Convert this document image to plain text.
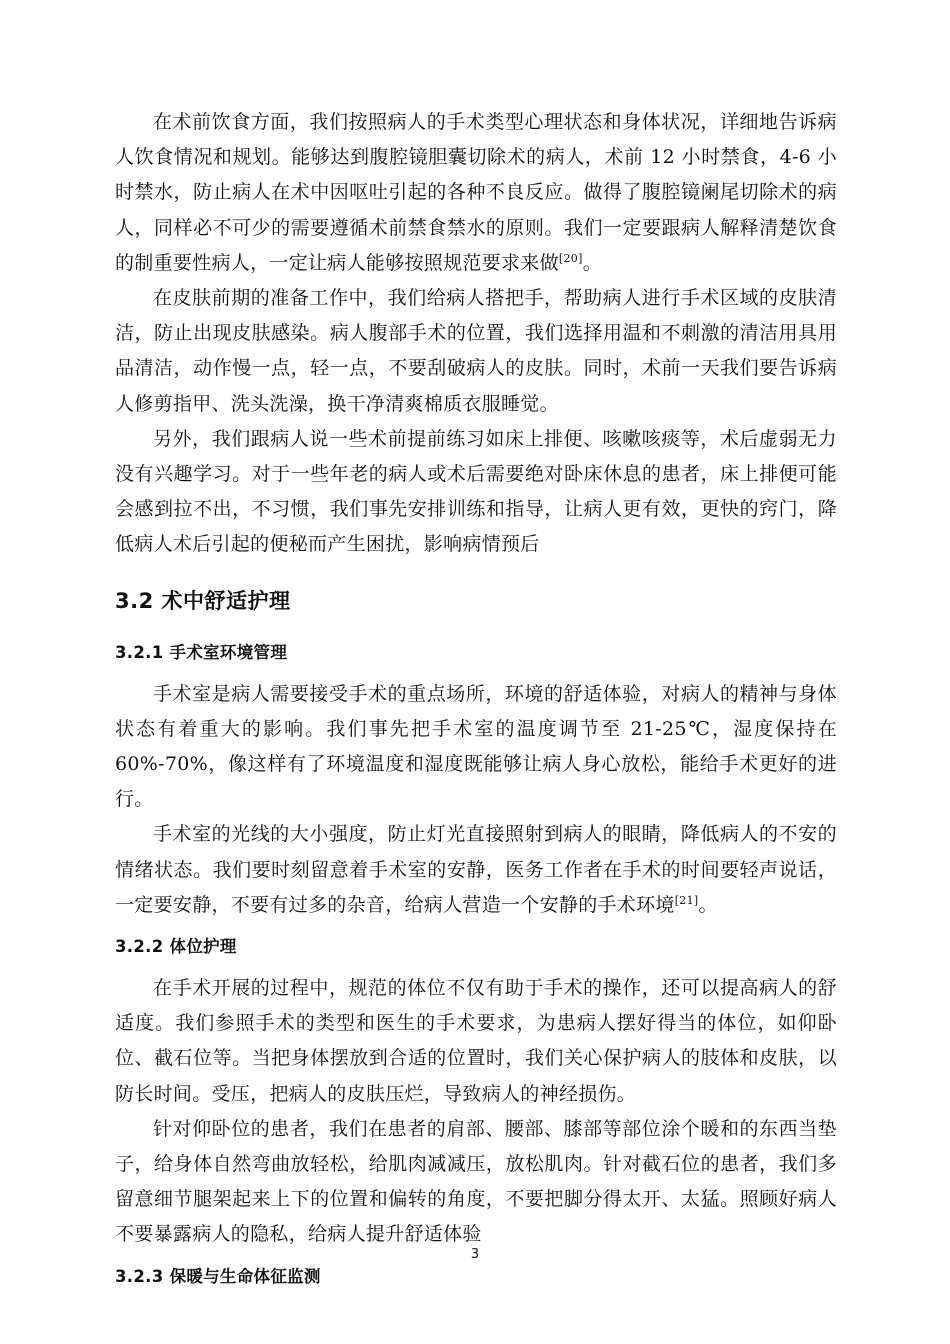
在术前饮食方面，我们按照病人的手术类型心理状态和身体状况，详细地告诉病人饮食情况和规划。能够达到腹腔镜胆囊切除术的病人，术前 12 小时禁食，4-6 小时禁水，防止病人在术中因呕吐引起的各种不良反应。做得了腹腔镜阑尾切除术的病人，同样必不可少的需要遵循术前禁食禁水的原则。我们一定要跟病人解释清楚饮食的制重要性病人，一定让病人能够按照规范要求来做[20]。

在皮肤前期的准备工作中，我们给病人搭把手，帮助病人进行手术区域的皮肤清洁，防止出现皮肤感染。病人腹部手术的位置，我们选择用温和不刺激的清洁用具用品清洁，动作慢一点，轻一点，不要刮破病人的皮肤。同时，术前一天我们要告诉病人修剪指甲、洗头洗澡，换干净清爽棉质衣服睡觉。

另外，我们跟病人说一些术前提前练习如床上排便、咳嗽咳痰等，术后虚弱无力没有兴趣学习。对于一些年老的病人或术后需要绝对卧床休息的患者，床上排便可能会感到拉不出，不习惯，我们事先安排训练和指导，让病人更有效，更快的窍门，降低病人术后引起的便秘而产生困扰，影响病情预后

3.2 术中舒适护理
3.2.1 手术室环境管理

手术室是病人需要接受手术的重点场所，环境的舒适体验，对病人的精神与身体状态有着重大的影响。我们事先把手术室的温度调节至 21-25℃，湿度保持在 60%-70%，像这样有了环境温度和湿度既能够让病人身心放松，能给手术更好的进行。

手术室的光线的大小强度，防止灯光直接照射到病人的眼睛，降低病人的不安的情绪状态。我们要时刻留意着手术室的安静，医务工作者在手术的时间要轻声说话，一定要安静，不要有过多的杂音，给病人营造一个安静的手术环境[21]。

3.2.2 体位护理

在手术开展的过程中，规范的体位不仅有助于手术的操作，还可以提高病人的舒适度。我们参照手术的类型和医生的手术要求，为患病人摆好得当的体位，如仰卧位、截石位等。当把身体摆放到合适的位置时，我们关心保护病人的肢体和皮肤，以防长时间。受压，把病人的皮肤压烂，导致病人的神经损伤。

针对仰卧位的患者，我们在患者的肩部、腰部、膝部等部位涂个暖和的东西当垫子，给身体自然弯曲放轻松，给肌肉减减压，放松肌肉。针对截石位的患者，我们多留意细节腿架起来上下的位置和偏转的角度，不要把脚分得太开、太猛。照顾好病人不要暴露病人的隐私，给病人提升舒适体验

3.2.3 保暖与生命体征监测
3
